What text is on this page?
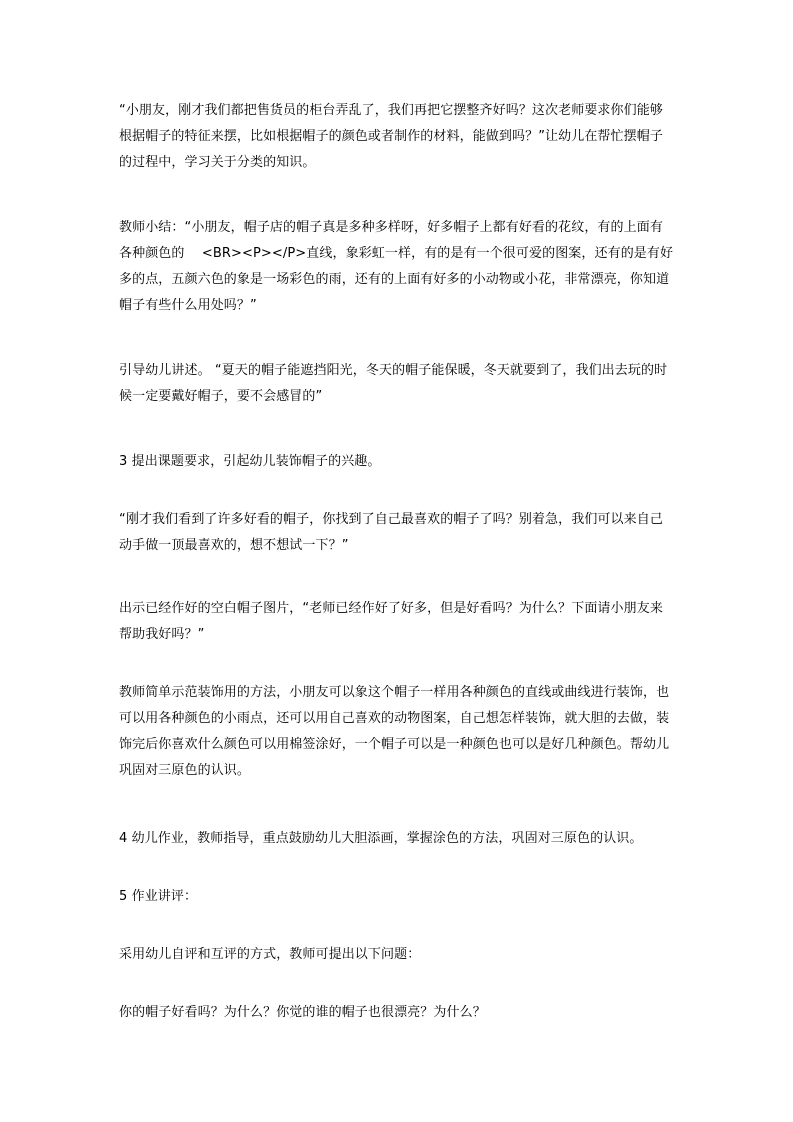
“小朋友，刚才我们都把售货员的柜台弄乱了，我们再把它摆整齐好吗？这次老师要求你们能够根据帽子的特征来摆，比如根据帽子的颜色或者制作的材料，能做到吗？”让幼儿在帮忙摆帽子的过程中，学习关于分类的知识。

教师小结：“小朋友，帽子店的帽子真是多种多样呀，好多帽子上都有好看的花纹，有的上面有各种颜色的　 <BR><P></P>直线，象彩虹一样，有的是有一个很可爱的图案，还有的是有好多的点，五颜六色的象是一场彩色的雨，还有的上面有好多的小动物或小花，非常漂亮，你知道帽子有些什么用处吗？”

引导幼儿讲述。 “夏天的帽子能遮挡阳光，冬天的帽子能保暖，冬天就要到了，我们出去玩的时候一定要戴好帽子，要不会感冒的”

3 提出课题要求，引起幼儿装饰帽子的兴趣。

“刚才我们看到了许多好看的帽子，你找到了自己最喜欢的帽子了吗？别着急，我们可以来自己动手做一顶最喜欢的，想不想试一下？”

出示已经作好的空白帽子图片，“老师已经作好了好多，但是好看吗？为什么？下面请小朋友来帮助我好吗？”

教师简单示范装饰用的方法，小朋友可以象这个帽子一样用各种颜色的直线或曲线进行装饰，也可以用各种颜色的小雨点，还可以用自己喜欢的动物图案，自己想怎样装饰，就大胆的去做，装饰完后你喜欢什么颜色可以用棉签涂好，一个帽子可以是一种颜色也可以是好几种颜色。帮幼儿巩固对三原色的认识。

4 幼儿作业，教师指导，重点鼓励幼儿大胆添画，掌握涂色的方法，巩固对三原色的认识。

5 作业讲评：

采用幼儿自评和互评的方式，教师可提出以下问题：

你的帽子好看吗？为什么？你觉的谁的帽子也很漂亮？为什么？
